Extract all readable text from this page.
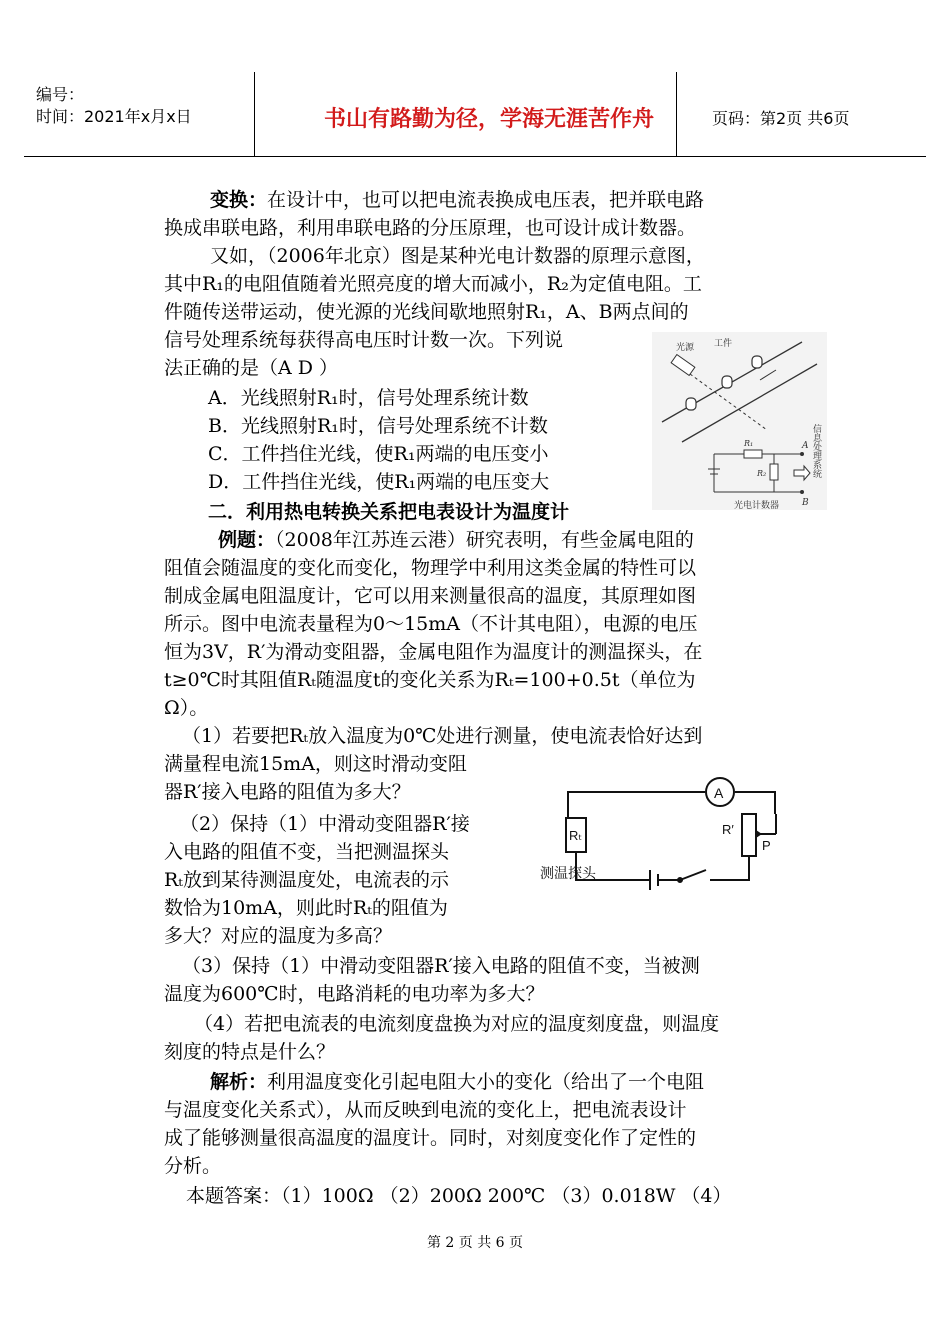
编号：
时间：2021年x月x日	书山有路勤为径，学海无涯苦作舟	页码：第2页 共6页
变换：在设计中，也可以把电流表换成电压表，把并联电路
换成串联电路，利用串联电路的分压原理，也可设计成计数器。
又如，（2006年北京）图是某种光电计数器的原理示意图，
其中R₁的电阻值随着光照亮度的增大而减小，R₂为定值电阻。工
件随传送带运动，使光源的光线间歇地照射R₁，A、B两点间的
信号处理系统每获得高电压时计数一次。下列说
法正确的是（A D ）
A．光线照射R₁时，信号处理系统计数
B．光线照射R₁时，信号处理系统不计数
C．工件挡住光线，使R₁两端的电压变小
D．工件挡住光线，使R₁两端的电压变大
二．利用热电转换关系把电表设计为温度计
例题：（2008年江苏连云港）研究表明，有些金属电阻的
阻值会随温度的变化而变化，物理学中利用这类金属的特性可以
制成金属电阻温度计，它可以用来测量很高的温度，其原理如图
所示。图中电流表量程为0～15mA（不计其电阻），电源的电压
恒为3V，R′为滑动变阻器，金属电阻作为温度计的测温探头，在
t≥0℃时其阻值Rₜ随温度t的变化关系为Rₜ=100+0.5t（单位为
Ω）。
（1）若要把Rₜ放入温度为0℃处进行测量，使电流表恰好达到
满量程电流15mA，则这时滑动变阻
器R′接入电路的阻值为多大？
（2）保持（1）中滑动变阻器R′接
入电路的阻值不变，当把测温探头
Rₜ放到某待测温度处，电流表的示
数恰为10mA，则此时Rₜ的阻值为
多大？对应的温度为多高？
（3）保持（1）中滑动变阻器R′接入电路的阻值不变，当被测
温度为600℃时，电路消耗的电功率为多大？
（4）若把电流表的电流刻度盘换为对应的温度刻度盘，则温度
刻度的特点是什么？
解析：利用温度变化引起电阻大小的变化（给出了一个电阻
与温度变化关系式），从而反映到电流的变化上，把电流表设计
成了能够测量很高温度的温度计。同时，对刻度变化作了定性的
分析。
本题答案：（1）100Ω （2）200Ω 200℃ （3）0.018W （4）
光源 工件
A
B
R₁
R₂	信息处理系统
光电计数器
A
Rₜ	R′
P
测温探头
第 2 页 共 6 页
